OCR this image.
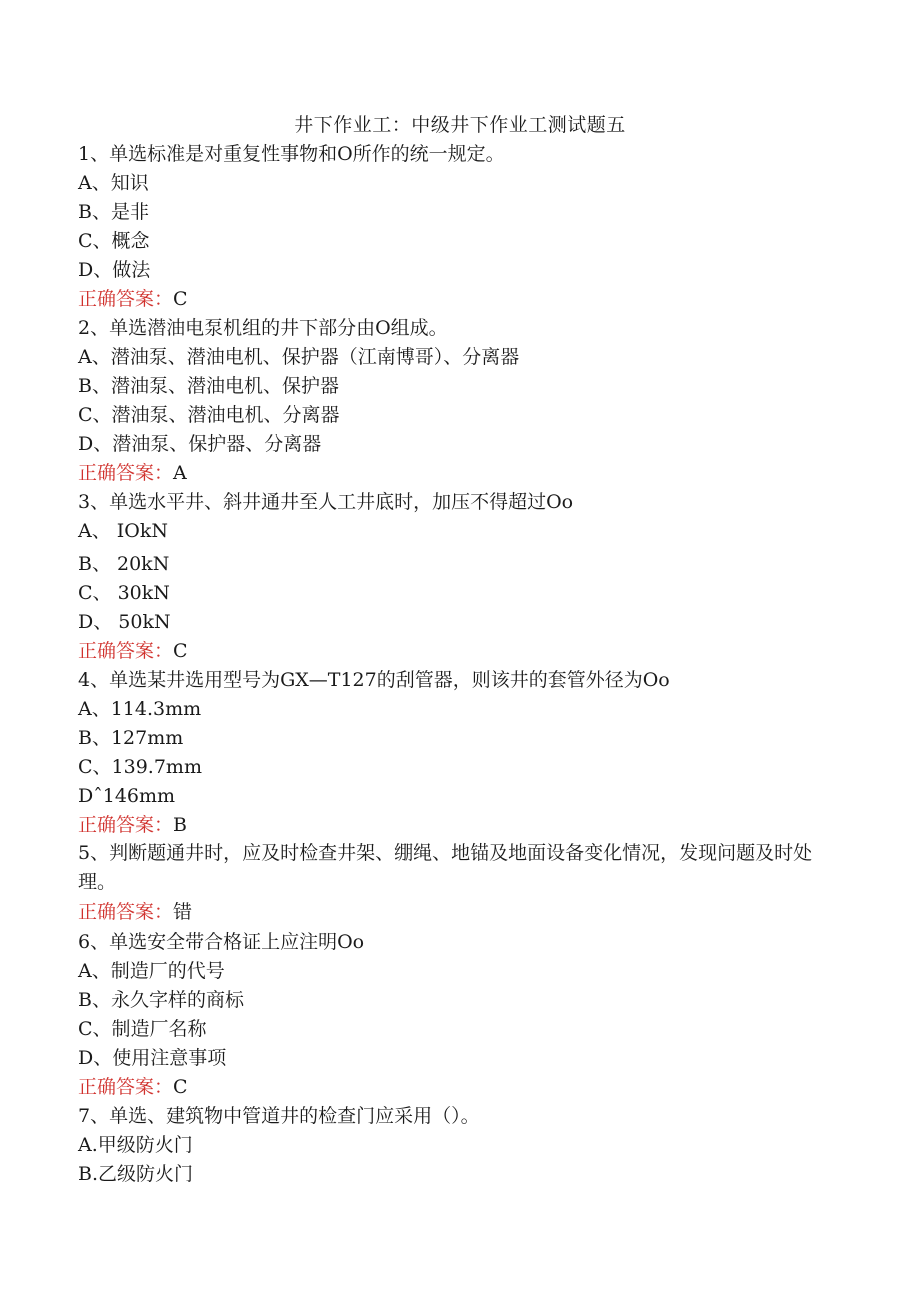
井下作业工：中级井下作业工测试题五
1、单选标准是对重复性事物和O所作的统一规定。
A、知识
B、是非
C、概念
D、做法
正确答案：C
2、单选潜油电泵机组的井下部分由O组成。
A、潜油泵、潜油电机、保护器（江南博哥）、分离器
B、潜油泵、潜油电机、保护器
C、潜油泵、潜油电机、分离器
D、潜油泵、保护器、分离器
正确答案：A
3、单选水平井、斜井通井至人工井底时，加压不得超过Oo
A、 IOkN
B、 20kN
C、 30kN
D、 50kN
正确答案：C
4、单选某井选用型号为GX—T127的刮管器，则该井的套管外径为Oo
A、114.3mm
B、127mm
C、139.7mm
Dˆ146mm
正确答案：B
5、判断题通井时，应及时检查井架、绷绳、地锚及地面设备变化情况，发现问题及时处理。
正确答案：错
6、单选安全带合格证上应注明Oo
A、制造厂的代号
B、永久字样的商标
C、制造厂名称
D、使用注意事项
正确答案：C
7、单选、建筑物中管道井的检查门应采用（）。
A.甲级防火门
B.乙级防火门
